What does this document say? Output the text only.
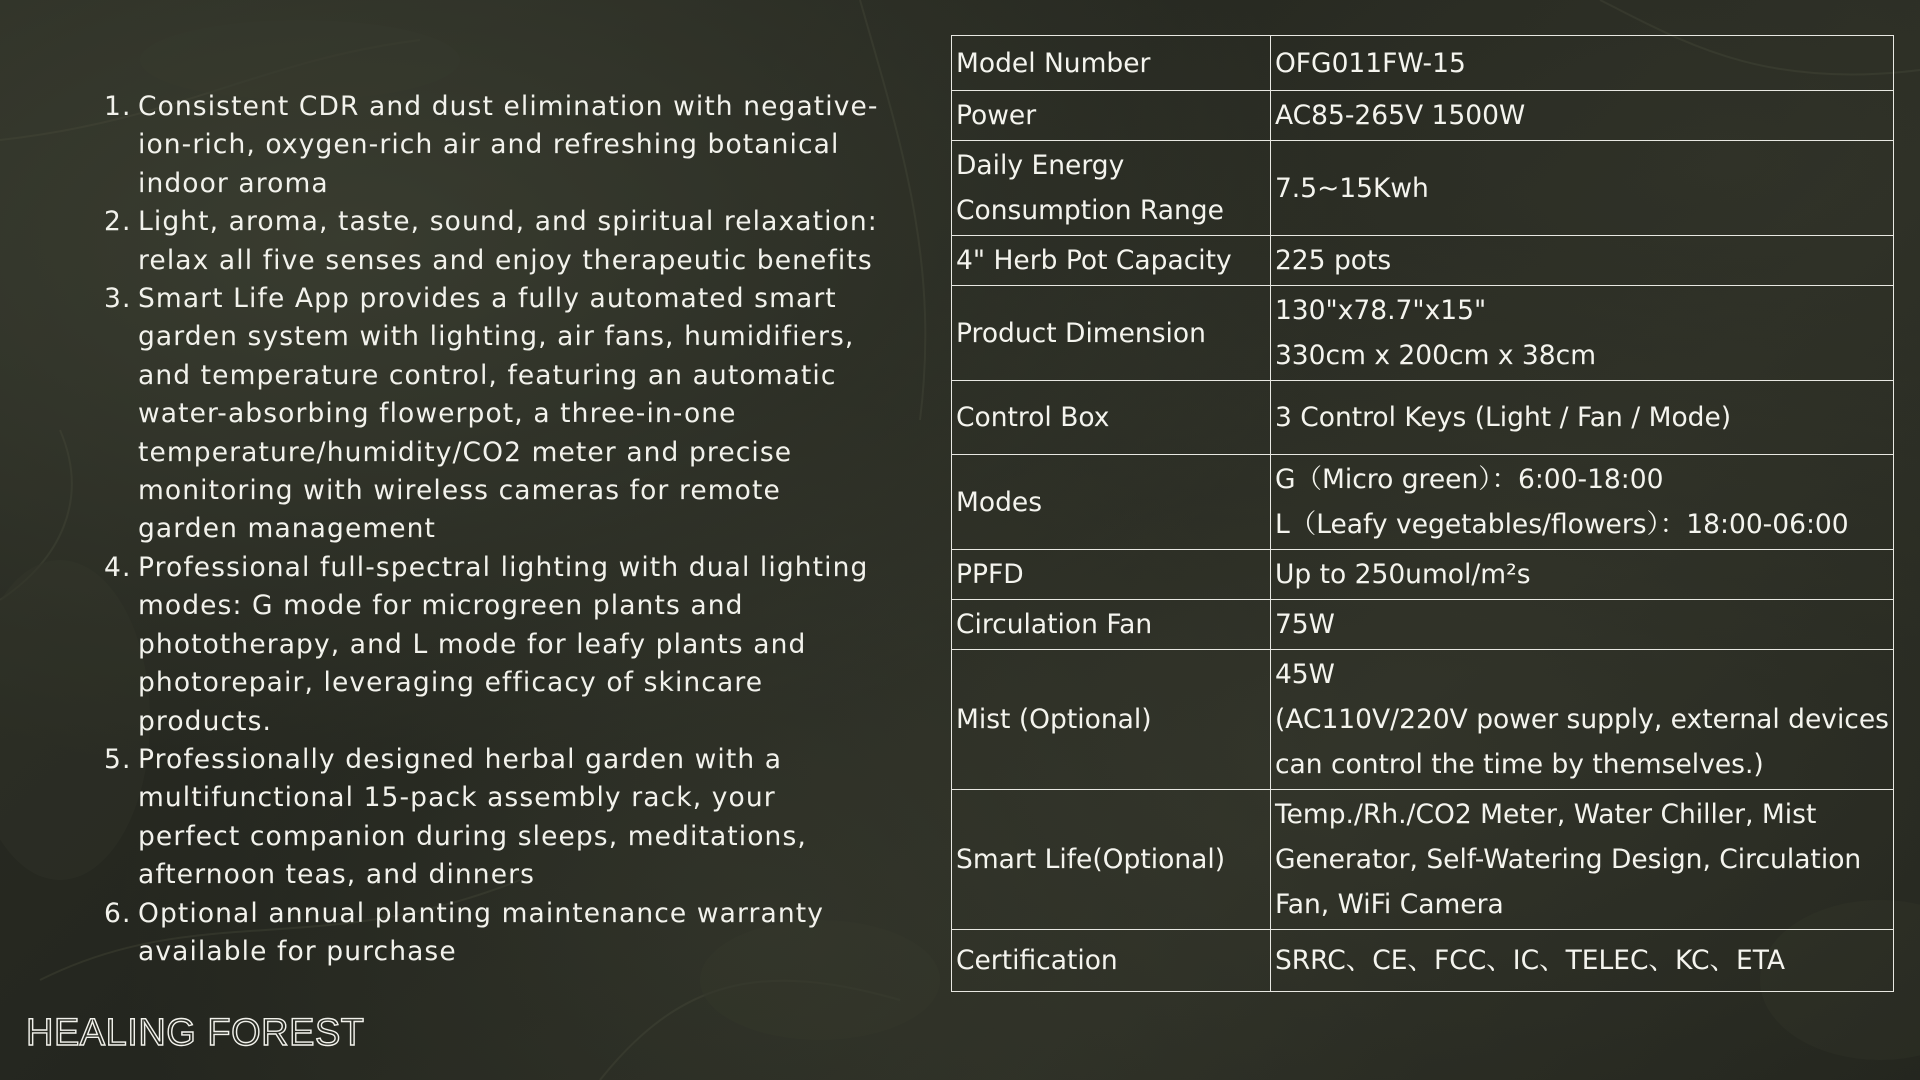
1. Consistent CDR and dust elimination with negative-ion-rich, oxygen-rich air and refreshing botanical indoor aroma
2. Light, aroma, taste, sound, and spiritual relaxation: relax all five senses and enjoy therapeutic benefits
3. Smart Life App provides a fully automated smart garden system with lighting, air fans, humidifiers, and temperature control, featuring an automatic water-absorbing flowerpot, a three-in-one temperature/humidity/CO2 meter and precise monitoring with wireless cameras for remote garden management
4. Professional full-spectral lighting with dual lighting modes: G mode for microgreen plants and phototherapy, and L mode for leafy plants and photorepair, leveraging efficacy of skincare products.
5. Professionally designed herbal garden with a multifunctional 15-pack assembly rack, your perfect companion during sleeps, meditations, afternoon teas, and dinners
6. Optional annual planting maintenance warranty available for purchase
HEALING FOREST
Model Number	OFG011FW-15

Power	AC85-265V 1500W

Daily Energy
Consumption Range	7.5~15Kwh

4" Herb Pot Capacity	225 pots

Product Dimension	130"x78.7"x15"
330cm x 200cm x 38cm

Control Box	3 Control Keys (Light / Fan / Mode)

Modes	G（Micro green）：6:00-18:00
L（Leafy vegetables/flowers）：18:00-06:00

PPFD	Up to 250umol/m²s

Circulation Fan	75W

Mist (Optional)	45W
(AC110V/220V power supply, external devices
can control the time by themselves.)

Smart Life(Optional)	Temp./Rh./CO2 Meter, Water Chiller, Mist
Generator, Self-Watering Design, Circulation
Fan, WiFi Camera

Certification	SRRC、CE、FCC、IC、TELEC、KC、ETA
